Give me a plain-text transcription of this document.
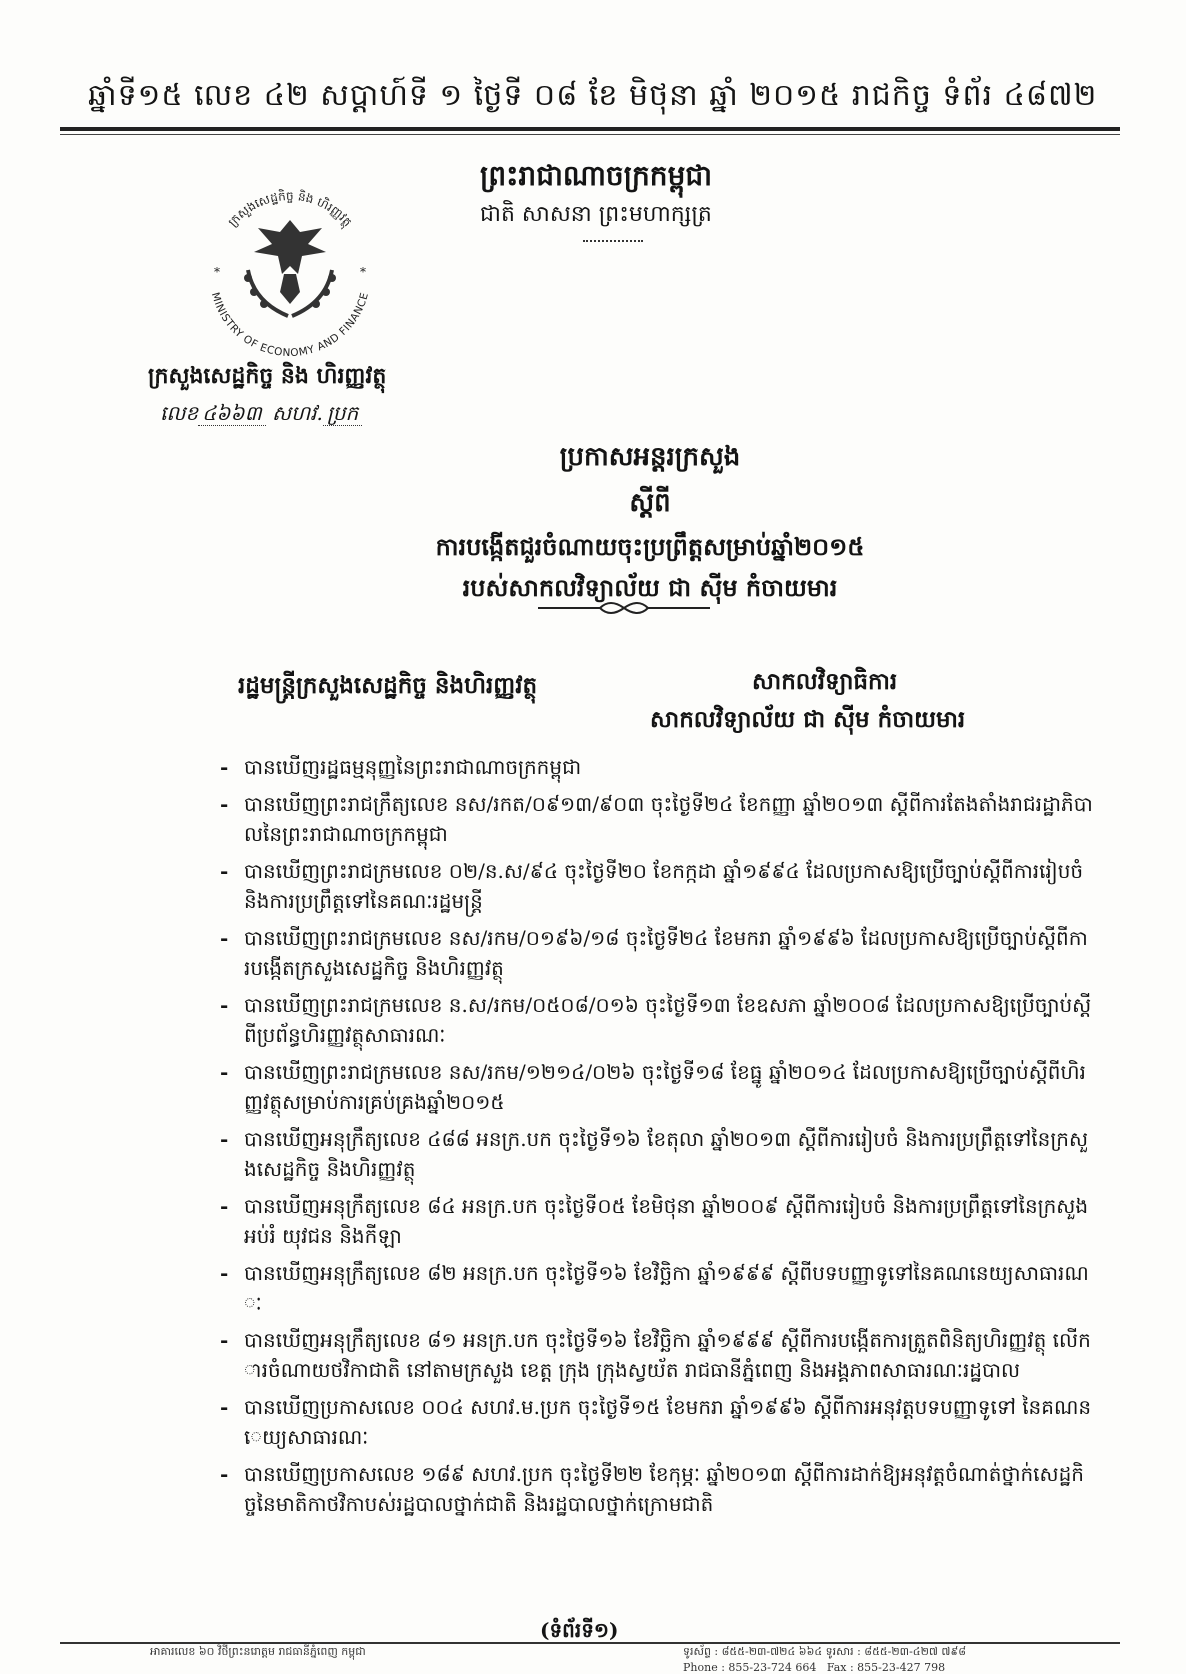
ឆ្នាំទី១៥ លេខ ៤២ សប្តាហ៍ទី ១ ថ្ងៃទី ០៨ ខែ មិថុនា ឆ្នាំ ២០១៥ រាជកិច្ច ទំព័រ ៤៨៧២
ក្រសួងសេដ្ឋកិច្ច និង ហិរញ្ញវត្ថុ
MINISTRY OF ECONOMY AND FINANCE
*	*
ក្រសួងសេដ្ឋកិច្ច និង ហិរញ្ញវត្ថុ
លេខ ៤៦៦៣ សហវ. ប្រក
ព្រះរាជាណាចក្រកម្ពុជា
ជាតិ សាសនា ព្រះមហាក្សត្រ
ប្រកាសអន្តរក្រសួង
ស្តីពី
ការបង្កើតជួរចំណាយចុះប្រព្រឹត្តសម្រាប់ឆ្នាំ២០១៥
របស់សាកលវិទ្យាល័យ ជា ស៊ីម កំចាយមារ
រដ្ឋមន្ត្រីក្រសួងសេដ្ឋកិច្ច និងហិរញ្ញវត្ថុ	សាកលវិទ្យាធិការ
សាកលវិទ្យាល័យ ជា ស៊ីម កំចាយមារ
- បានឃើញរដ្ឋធម្មនុញ្ញនៃព្រះរាជាណាចក្រកម្ពុជា
- បានឃើញព្រះរាជក្រឹត្យលេខ នស/រកត/០៩១៣/៩០៣ ចុះថ្ងៃទី២៤ ខែកញ្ញា ឆ្នាំ២០១៣ ស្តីពីការតែងតាំងរាជរដ្ឋាភិបាលនៃព្រះរាជាណាចក្រកម្ពុជា
- បានឃើញព្រះរាជក្រមលេខ ០២/ន.ស/៩៤ ចុះថ្ងៃទី២០ ខែកក្កដា ឆ្នាំ១៩៩៤ ដែលប្រកាសឱ្យប្រើច្បាប់ស្តីពីការរៀបចំ និងការប្រព្រឹត្តទៅនៃគណៈរដ្ឋមន្ត្រី
- បានឃើញព្រះរាជក្រមលេខ នស/រកម/០១៩៦/១៨ ចុះថ្ងៃទី២៤ ខែមករា ឆ្នាំ១៩៩៦ ដែលប្រកាសឱ្យប្រើច្បាប់ស្តីពីការបង្កើតក្រសួងសេដ្ឋកិច្ច និងហិរញ្ញវត្ថុ
- បានឃើញព្រះរាជក្រមលេខ ន.ស/រកម/០៥០៨/០១៦ ចុះថ្ងៃទី១៣ ខែឧសភា ឆ្នាំ២០០៨ ដែលប្រកាសឱ្យប្រើច្បាប់ស្តីពីប្រព័ន្ធហិរញ្ញវត្ថុសាធារណៈ
- បានឃើញព្រះរាជក្រមលេខ នស/រកម/១២១៤/០២៦ ចុះថ្ងៃទី១៨ ខែធ្នូ ឆ្នាំ២០១៤ ដែលប្រកាសឱ្យប្រើច្បាប់ស្តីពីហិរញ្ញវត្ថុសម្រាប់ការគ្រប់គ្រងឆ្នាំ២០១៥
- បានឃើញអនុក្រឹត្យលេខ ៤៨៨ អនក្រ.បក ចុះថ្ងៃទី១៦ ខែតុលា ឆ្នាំ២០១៣ ស្តីពីការរៀបចំ និងការប្រព្រឹត្តទៅនៃក្រសួងសេដ្ឋកិច្ច និងហិរញ្ញវត្ថុ
- បានឃើញអនុក្រឹត្យលេខ ៨៤ អនក្រ.បក ចុះថ្ងៃទី០៥ ខែមិថុនា ឆ្នាំ២០០៩ ស្តីពីការរៀបចំ និងការប្រព្រឹត្តទៅនៃក្រសួងអប់រំ យុវជន និងកីឡា
- បានឃើញអនុក្រឹត្យលេខ ៨២ អនក្រ.បក ចុះថ្ងៃទី១៦ ខែវិច្ឆិកា ឆ្នាំ១៩៩៩ ស្តីពីបទបញ្ញាទូទៅនៃគណនេយ្យសាធារណៈ
- បានឃើញអនុក្រឹត្យលេខ ៨១ អនក្រ.បក ចុះថ្ងៃទី១៦ ខែវិច្ឆិកា ឆ្នាំ១៩៩៩ ស្តីពីការបង្កើតការត្រួតពិនិត្យហិរញ្ញវត្ថុ លើការចំណាយថវិកាជាតិ នៅតាមក្រសួង ខេត្ត ក្រុង ក្រុងស្វយ័ត រាជធានីភ្នំពេញ និងអង្គភាពសាធារណៈរដ្ឋបាល
- បានឃើញប្រកាសលេខ ០០៤ សហវ.ម.ប្រក ចុះថ្ងៃទី១៥ ខែមករា ឆ្នាំ១៩៩៦ ស្តីពីការអនុវត្តបទបញ្ញាទូទៅ នៃគណនេយ្យសាធារណៈ
- បានឃើញប្រកាសលេខ ១៨៩ សហវ.ប្រក ចុះថ្ងៃទី២២ ខែកុម្ភៈ ឆ្នាំ២០១៣ ស្តីពីការដាក់ឱ្យអនុវត្តចំណាត់ថ្នាក់សេដ្ឋកិច្ចនៃមាតិកាថវិកាបស់រដ្ឋបាលថ្នាក់ជាតិ និងរដ្ឋបាលថ្នាក់ក្រោមជាតិ
(ទំព័រទី១)
អាគារលេខ ៦០ វិថីព្រះនរោត្តម រាជធានីភ្នំពេញ កម្ពុជា	ទូរស័ព្ទ : ៨៥៥-២៣-៧២៤ ៦៦៤ ទូរសារ : ៨៥៥-២៣-៤២៧ ៧៩៨
Phone : 855-23-724 664 Fax : 855-23-427 798
